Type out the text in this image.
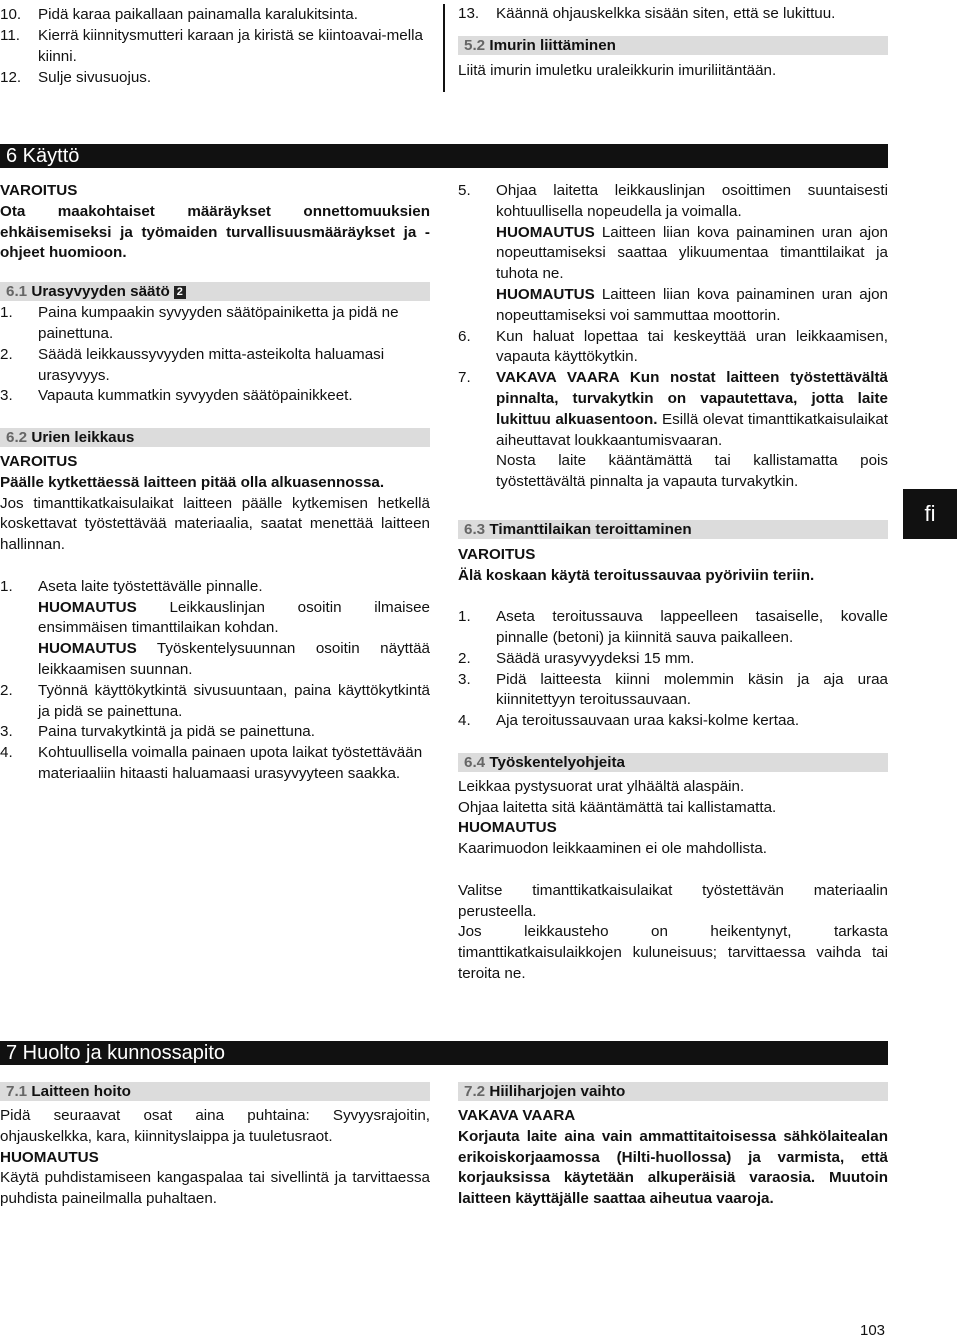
10.	Pidä karaa paikallaan painamalla karalukitsinta.
11.	Kierrä kiinnitysmutteri karaan ja kiristä se kiintoavai-mella kiinni.
12.	Sulje sivusuojus.
13.	Käännä ohjauskelkka sisään siten, että se lukittuu.
5.2 Imurin liittäminen

Liitä imurin imuletku uraleikkurin imuriliitäntään.

6 Käyttö

VAROITUS

Ota maakohtaiset määräykset onnettomuuksien ehkäisemiseksi ja työmaiden turvallisuusmääräykset ja -ohjeet huomioon.

6.1 Urasyvyyden säätö 2
1.	Paina kumpaakin syvyyden säätöpainiketta ja pidä ne painettuna.
2.	Säädä leikkaussyvyyden mitta-asteikolta haluamasi urasyvyys.
3.	Vapauta kummatkin syvyyden säätöpainikkeet.
6.2 Urien leikkaus

VAROITUS

Päälle kytkettäessä laitteen pitää olla alkuasennossa.

Jos timanttikatkaisulaikat laitteen päälle kytkemisen hetkellä koskettavat työstettävää materiaalia, saatat menettää laitteen hallinnan.

1.	Aseta laite työstettävälle pinnalle.

HUOMAUTUS Leikkauslinjan osoitin ilmaisee ensimmäisen timanttilaikan kohdan.

HUOMAUTUS Työskentelysuunnan osoitin näyttää leikkaamisen suunnan.

2.	Työnnä käyttökytkintä sivusuuntaan, paina käyttökytkintä ja pidä se painettuna.
3.	Paina turvakytkintä ja pidä se painettuna.
4.	Kohtuullisella voimalla painaen upota laikat työstettävään materiaaliin hitaasti haluamaasi urasyvyyteen saakka.
5.	Ohjaa laitetta leikkauslinjan osoittimen suuntaisesti kohtuullisella nopeudella ja voimalla.

HUOMAUTUS Laitteen liian kova painaminen uran ajon nopeuttamiseksi saattaa ylikuumentaa timanttilaikat ja tuhota ne.

HUOMAUTUS Laitteen liian kova painaminen uran ajon nopeuttamiseksi voi sammuttaa moottorin.

6.	Kun haluat lopettaa tai keskeyttää uran leikkaamisen, vapauta käyttökytkin.
7.	VAKAVA VAARA Kun nostat laitteen työstettävältä pinnalta, turvakytkin on vapautettava, jotta laite lukittuu alkuasentoon. Esillä olevat timanttikatkaisulaikat aiheuttavat loukkaantumisvaaran.

Nosta laite kääntämättä tai kallistamatta pois työstettävältä pinnalta ja vapauta turvakytkin.

6.3 Timanttilaikan teroittaminen

VAROITUS

Älä koskaan käytä teroitussauvaa pyöriviin teriin.

1.	Aseta teroitussauva lappeelleen tasaiselle, kovalle pinnalle (betoni) ja kiinnitä sauva paikalleen.
2.	Säädä urasyvyydeksi 15 mm.
3.	Pidä laitteesta kiinni molemmin käsin ja aja uraa kiinnitettyyn teroitussauvaan.
4.	Aja teroitussauvaan uraa kaksi-kolme kertaa.
6.4 Työskentelyohjeita

Leikkaa pystysuorat urat ylhäältä alaspäin.

Ohjaa laitetta sitä kääntämättä tai kallistamatta.

HUOMAUTUS

Kaarimuodon leikkaaminen ei ole mahdollista.

Valitse timanttikatkaisulaikat työstettävän materiaalin perusteella.

Jos leikkausteho on heikentynyt, tarkasta timanttikatkaisulaikkojen kuluneisuus; tarvittaessa vaihda tai teroita ne.

fi
7 Huolto ja kunnossapito
7.1 Laitteen hoito

Pidä seuraavat osat aina puhtaina: Syvyysrajoitin, ohjauskelkka, kara, kiinnityslaippa ja tuuletusraot.

HUOMAUTUS

Käytä puhdistamiseen kangaspalaa tai sivellintä ja tarvittaessa puhdista paineilmalla puhaltaen.

7.2 Hiiliharjojen vaihto

VAKAVA VAARA

Korjauta laite aina vain ammattitaitoisessa sähkölaitealan erikoiskorjaamossa (Hilti-huollossa) ja varmista, että korjauksissa käytetään alkuperäisiä varaosia. Muutoin laitteen käyttäjälle saattaa aiheutua vaaroja.

103
